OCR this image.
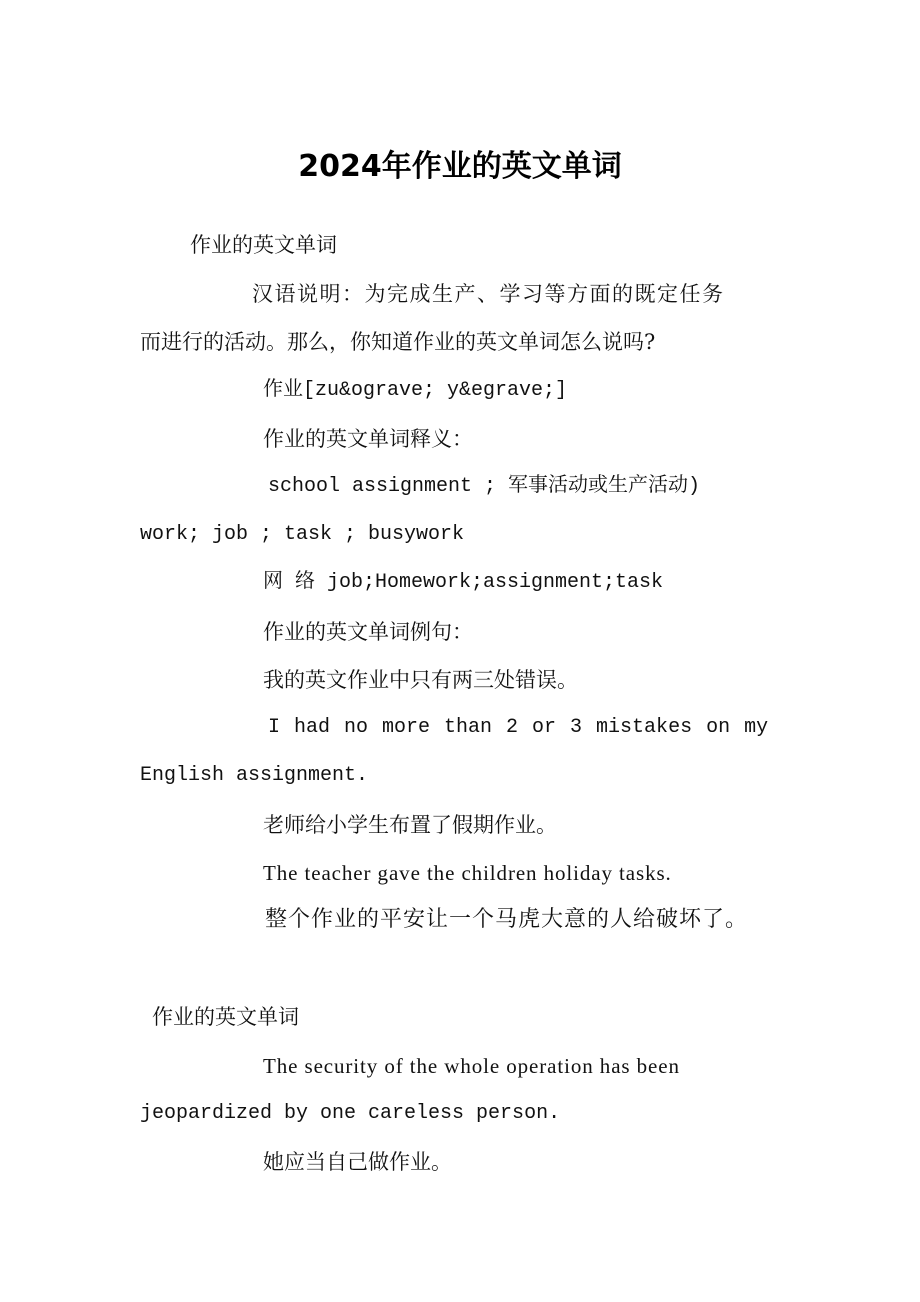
2024年作业的英文单词
作业的英文单词
汉语说明：为完成生产、学习等方面的既定任务
而进行的活动。那么，你知道作业的英文单词怎么说吗?
作业[zu&ograve; y&egrave;]
作业的英文单词释义：
school assignment ; 军事活动或生产活动)
work; job ; task ; busywork
网 络 job;Homework;assignment;task
作业的英文单词例句：
我的英文作业中只有两三处错误。
I had no more than 2 or 3 mistakes on my
English assignment.
老师给小学生布置了假期作业。
The teacher gave the children holiday tasks.
整个作业的平安让一个马虎大意的人给破坏了。
作业的英文单词
The security of the whole operation has been
jeopardized by one careless person.
她应当自己做作业。
